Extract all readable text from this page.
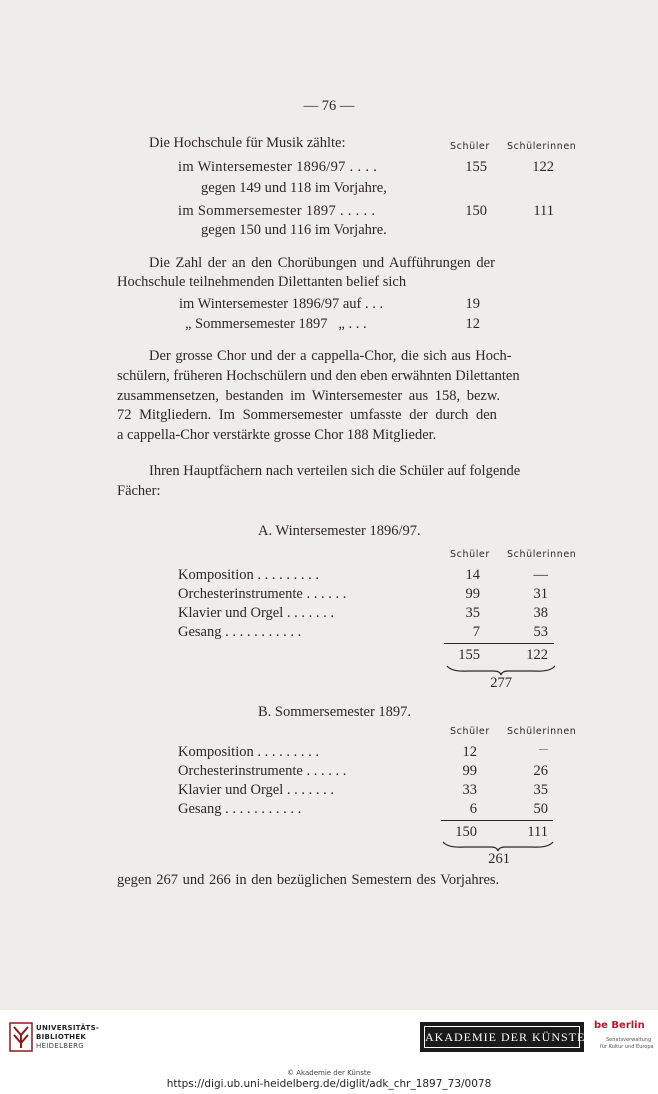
— 76 —
Die Hochschule für Musik zählte:	Schüler Schülerinnen
im Wintersemester 1896/97 . . . .	155	122
gegen 149 und 118 im Vorjahre,
im Sommersemester 1897 . . . . .	150	111
gegen 150 und 116 im Vorjahre.
Die Zahl der an den Chorübungen und Aufführungen der
Hochschule teilnehmenden Dilettanten belief sich
im Wintersemester 1896/97 auf . . .	19
„ Sommersemester 1897   „ . . .	12
Der grosse Chor und der a cappella-Chor, die sich aus Hoch-
schülern, früheren Hochschülern und den eben erwähnten Dilettanten
zusammensetzen, bestanden im Wintersemester aus 158, bezw.
72 Mitgliedern. Im Sommersemester umfasste der durch den
a cappella-Chor verstärkte grosse Chor 188 Mitglieder.
Ihren Hauptfächern nach verteilen sich die Schüler auf folgende
Fächer:
A. Wintersemester 1896/97.
Schüler Schülerinnen
Komposition . . . . . . . . .	14	—
Orchesterinstrumente . . . . . .	99	31
Klavier und Orgel . . . . . . .	35	38
Gesang . . . . . . . . . . .	7	53
155	122
277
B. Sommersemester 1897.
Schüler Schülerinnen
Komposition . . . . . . . . .	12	—
Orchesterinstrumente . . . . . .	99	26
Klavier und Orgel . . . . . . .	33	35
Gesang . . . . . . . . . . .	6	50
150	111
261
gegen 267 und 266 in den bezüglichen Semestern des Vorjahres.
UNIVERSITÄTS-
BIBLIOTHEK
HEIDELBERG
AKADEMIE DER KÜNSTE
be Berlin
Senatsverwaltung
für Kultur und Europa
© Akademie der Künste
https://digi.ub.uni-heidelberg.de/diglit/adk_chr_1897_73/0078
